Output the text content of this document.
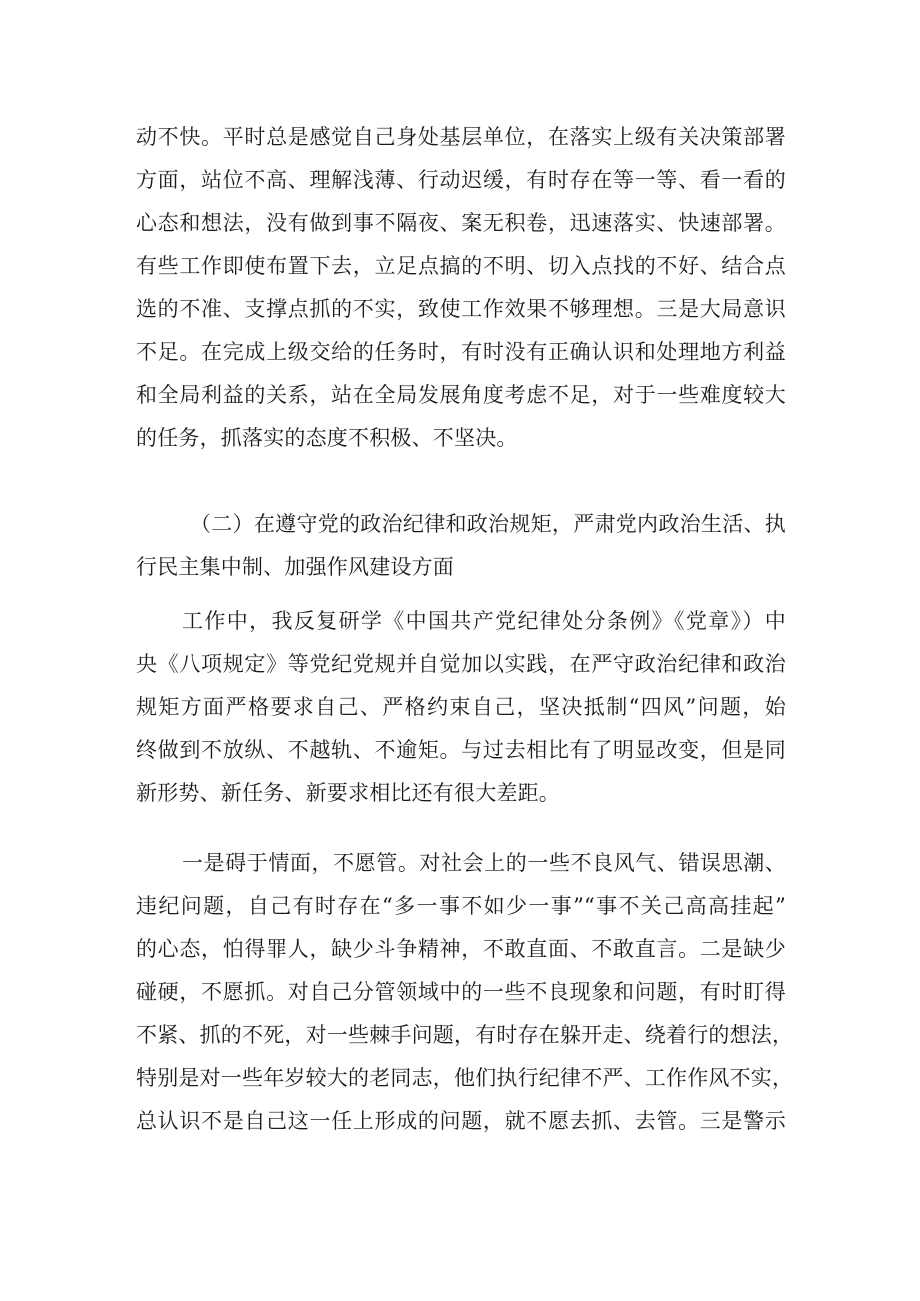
动不快。平时总是感觉自己身处基层单位，在落实上级有关决策部署
方面，站位不高、理解浅薄、行动迟缓，有时存在等一等、看一看的
心态和想法，没有做到事不隔夜、案无积卷，迅速落实、快速部署。
有些工作即使布置下去，立足点搞的不明、切入点找的不好、结合点
选的不准、支撑点抓的不实，致使工作效果不够理想。三是大局意识
不足。在完成上级交给的任务时，有时没有正确认识和处理地方利益
和全局利益的关系，站在全局发展角度考虑不足，对于一些难度较大
的任务，抓落实的态度不积极、不坚决。
（二）在遵守党的政治纪律和政治规矩，严肃党内政治生活、执
行民主集中制、加强作风建设方面
工作中，我反复研学《中国共产党纪律处分条例》《党章》）中
央《八项规定》等党纪党规并自觉加以实践，在严守政治纪律和政治
规矩方面严格要求自己、严格约束自己，坚决抵制“四风”问题，始
终做到不放纵、不越轨、不逾矩。与过去相比有了明显改变，但是同
新形势、新任务、新要求相比还有很大差距。
一是碍于情面，不愿管。对社会上的一些不良风气、错误思潮、
违纪问题，自己有时存在“多一事不如少一事”“事不关己高高挂起”
的心态，怕得罪人，缺少斗争精神，不敢直面、不敢直言。二是缺少
碰硬，不愿抓。对自己分管领域中的一些不良现象和问题，有时盯得
不紧、抓的不死，对一些棘手问题，有时存在躲开走、绕着行的想法，
特别是对一些年岁较大的老同志，他们执行纪律不严、工作作风不实，
总认识不是自己这一任上形成的问题，就不愿去抓、去管。三是警示
